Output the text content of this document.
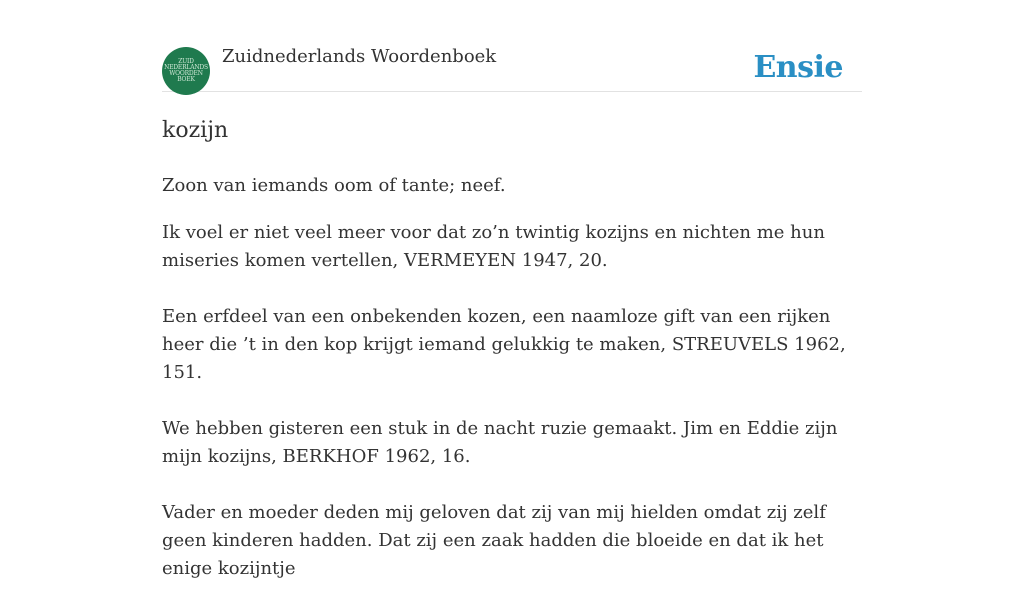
ZUID
NEDERLANDS
WOORDEN
BOEK
Zuidnederlands Woordenboek	Ensie
kozijn

Zoon van iemands oom of tante; neef.

Ik voel er niet veel meer voor dat zo’n twintig kozijns en nichten me hun miseries komen vertellen, VERMEYEN 1947, 20.

Een erfdeel van een onbekenden kozen, een naamloze gift van een rijken heer die ’t in den kop krijgt iemand gelukkig te maken, STREUVELS 1962, 151.

We hebben gisteren een stuk in de nacht ruzie gemaakt. Jim en Eddie zijn mijn kozijns, BERKHOF 1962, 16.

Vader en moeder deden mij geloven dat zij van mij hielden omdat zij zelf geen kinderen hadden. Dat zij een zaak hadden die bloeide en dat ik het enige kozijntje
